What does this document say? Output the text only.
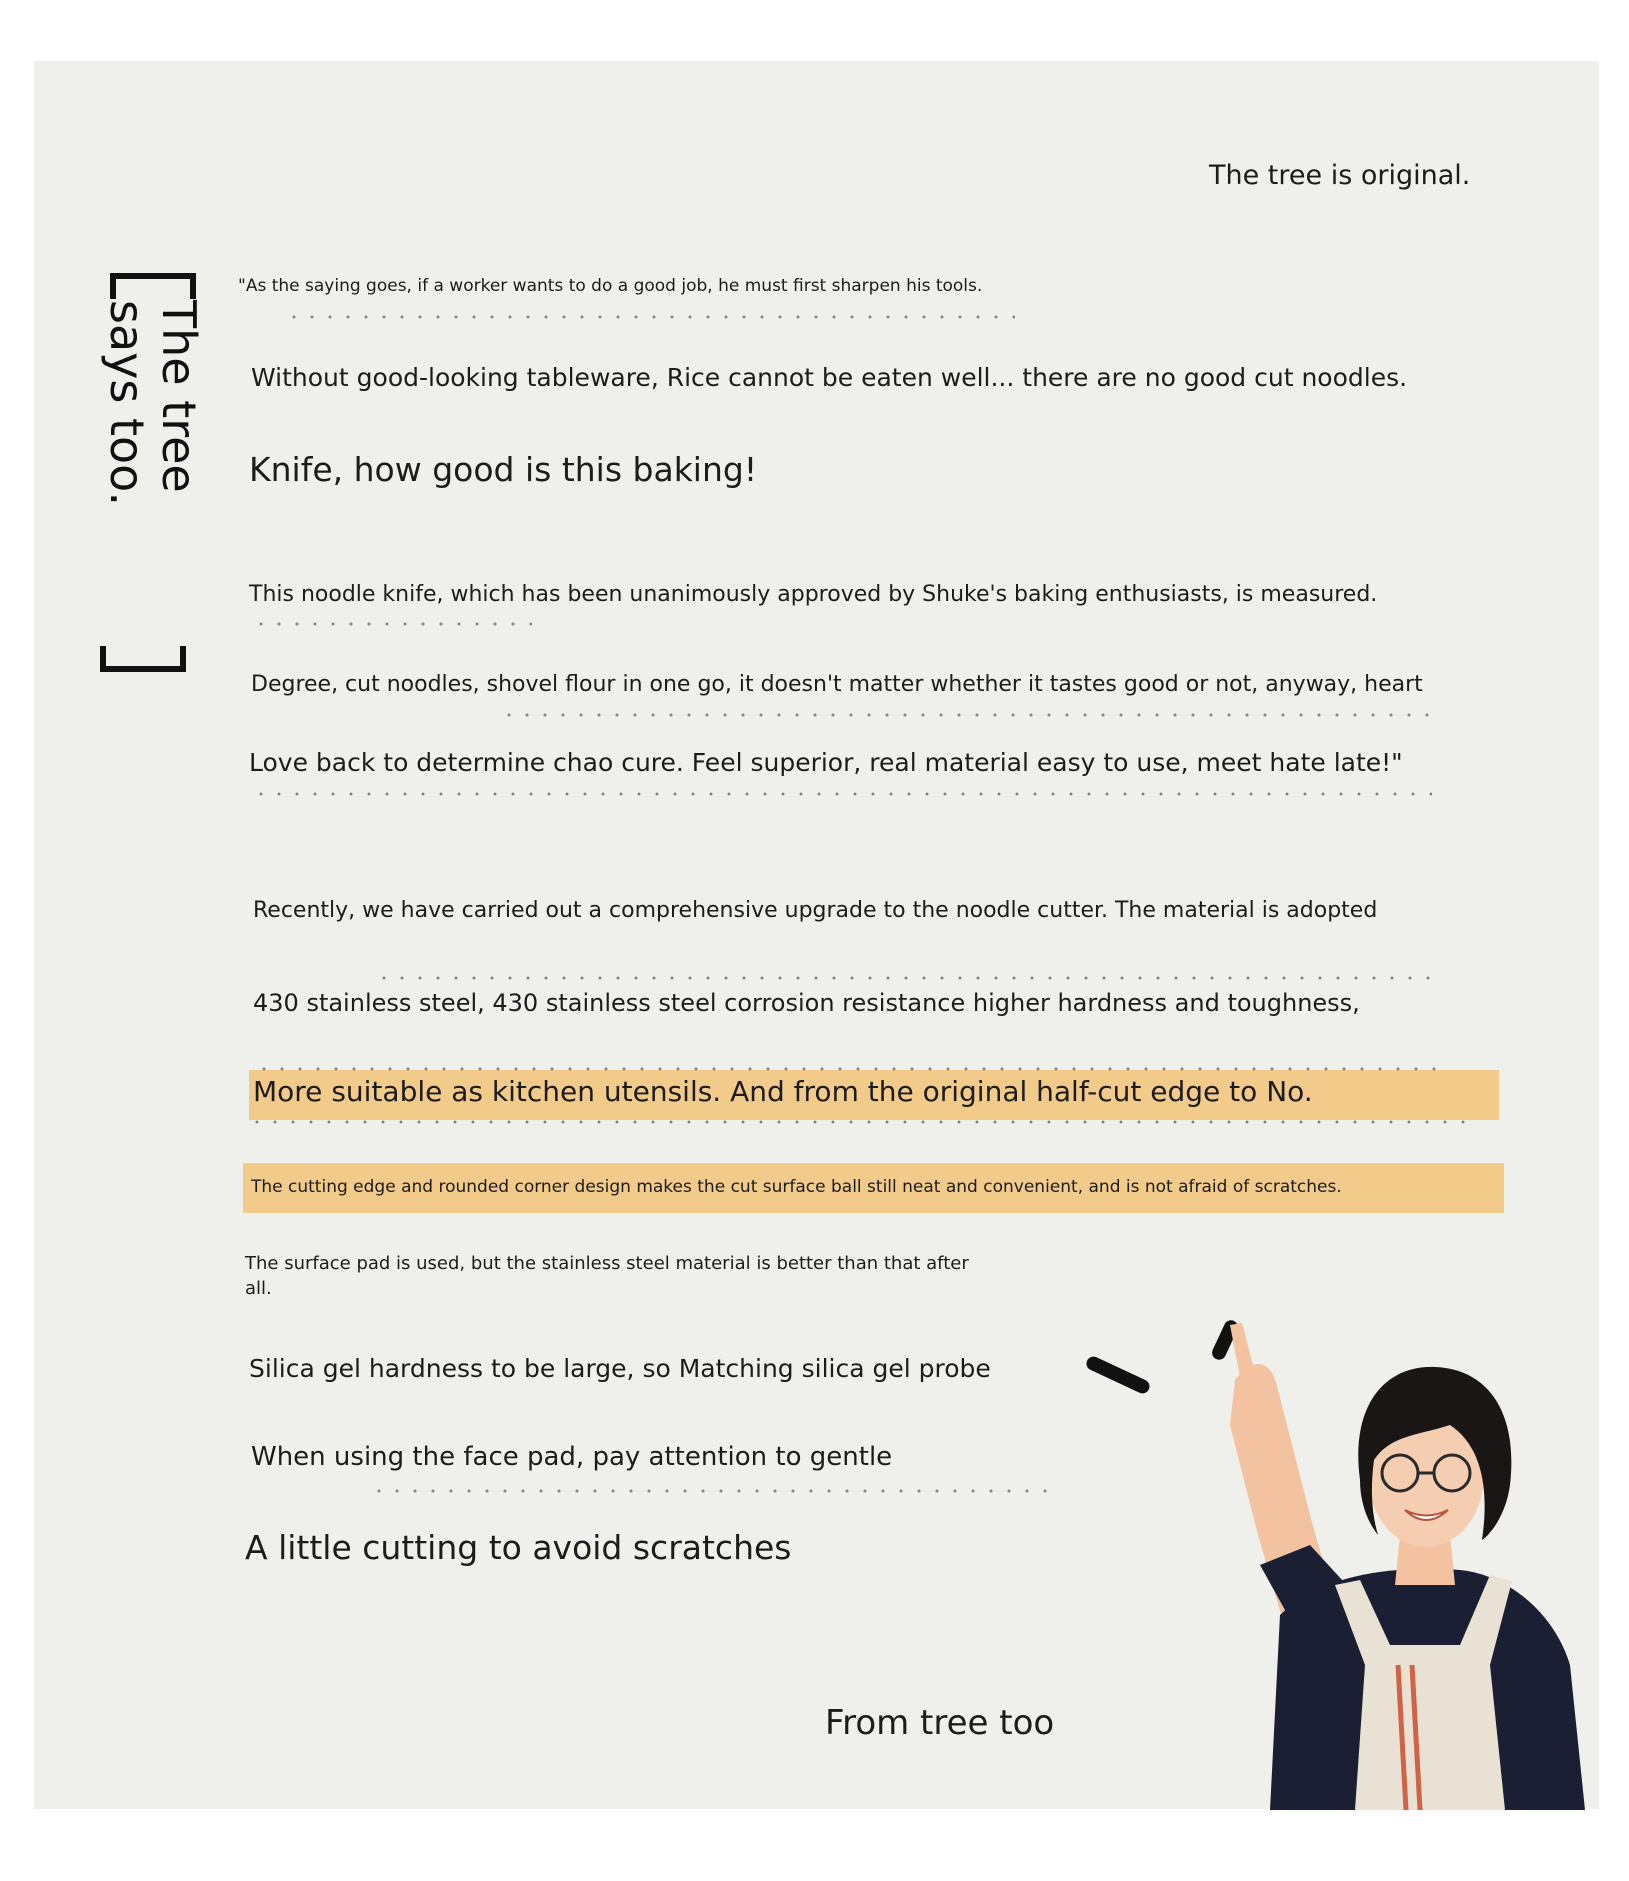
The tree is original.

The tree says too.

"As the saying goes, if a worker wants to do a good job, he must first sharpen his tools.

Without good-looking tableware, Rice cannot be eaten well... there are no good cut noodles.

Knife, how good is this baking!

This noodle knife, which has been unanimously approved by Shuke's baking enthusiasts, is measured.

Degree, cut noodles, shovel flour in one go, it doesn't matter whether it tastes good or not, anyway, heart

Love back to determine chao cure. Feel superior, real material easy to use, meet hate late!"

Recently, we have carried out a comprehensive upgrade to the noodle cutter. The material is adopted

430 stainless steel, 430 stainless steel corrosion resistance higher hardness and toughness,

More suitable as kitchen utensils. And from the original half-cut edge to No.

The cutting edge and rounded corner design makes the cut surface ball still neat and convenient, and is not afraid of scratches.

The surface pad is used, but the stainless steel material is better than that after

all.

Silica gel hardness to be large, so Matching silica gel probe

When using the face pad, pay attention to gentle

A little cutting to avoid scratches

From tree too
